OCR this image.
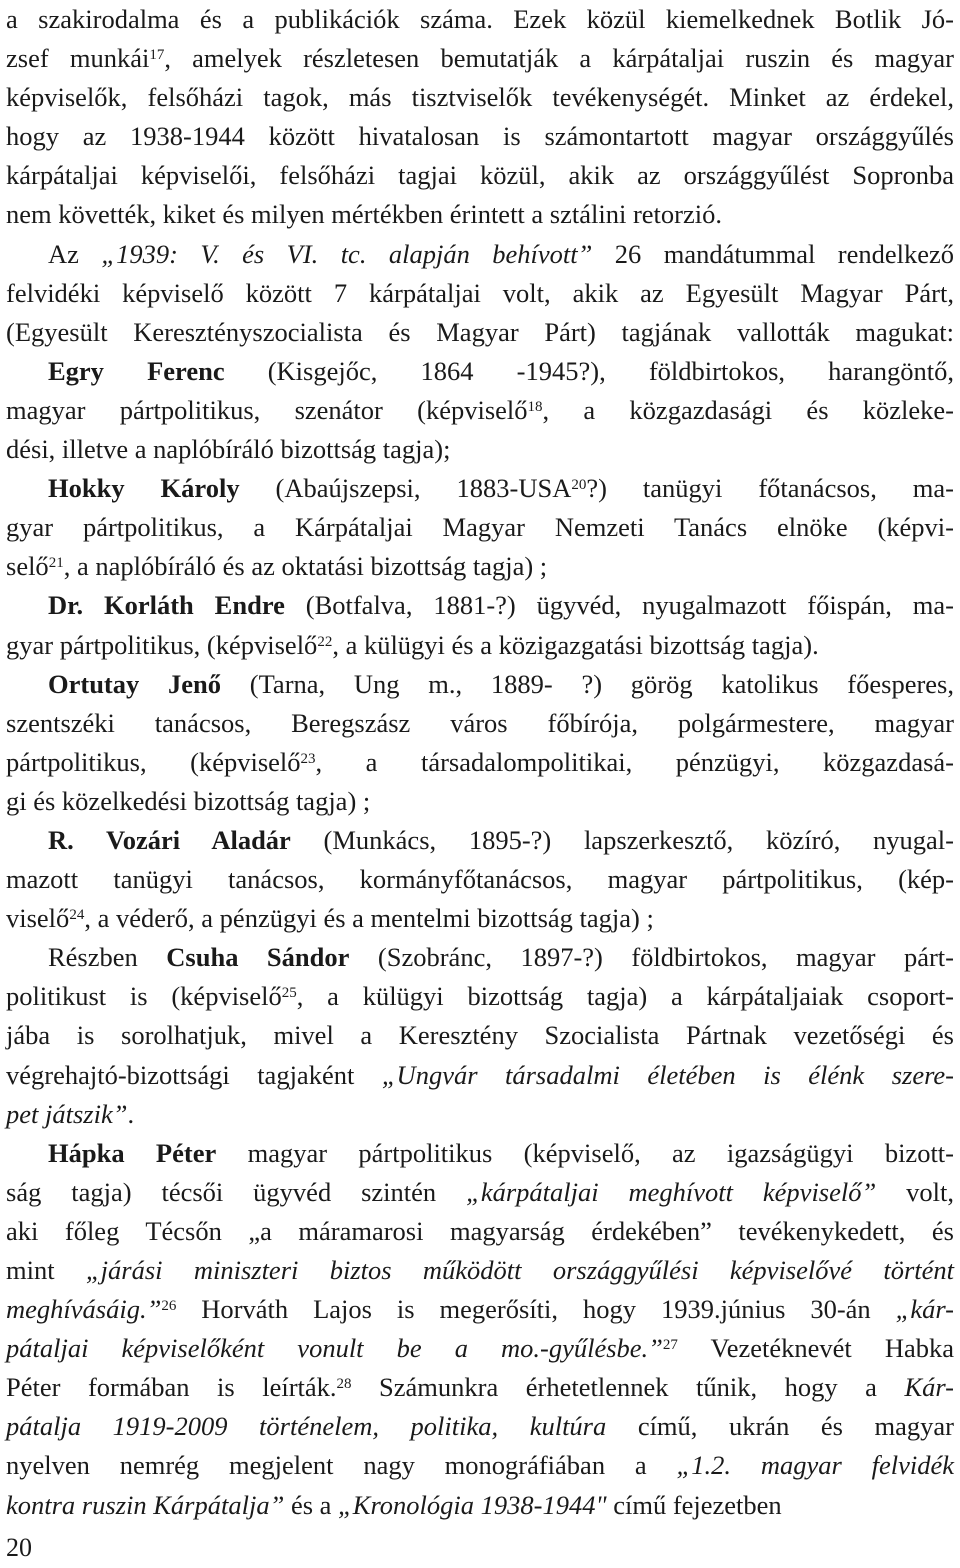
a szakirodalma és a publikációk száma. Ezek közül kiemelkednek Botlik Jó-
zsef munkái$^{17}$, amelyek részletesen bemutatják a kárpátaljai ruszin és magyar
képviselők, felsőházi tagok, más tisztviselők tevékenységét. Minket az érdekel,
hogy az 1938-1944 között hivatalosan is számontartott magyar országgyűlés
kárpátaljai képviselői, felsőházi tagjai közül, akik az országgyűlést Sopronba
nem követték, kiket és milyen mértékben érintett a sztálini retorzió.
Az „1939: V. és VI. tc. alapján behívott” 26 mandátummal rendelkező
felvidéki képviselő között 7 kárpátaljai volt, akik az Egyesült Magyar Párt,
(Egyesült Keresztényszocialista és Magyar Párt) tagjának vallották magukat:
Egry Ferenc (Kisgejőc, 1864 -1945?), földbirtokos, harangöntő,
magyar pártpolitikus, szenátor (képviselő$^{18}$, a közgazdasági és közleke-
dési, illetve a naplóbíráló bizottság tagja);
Hokky Károly (Abaújszepsi, 1883-USA$^{20}$?) tanügyi főtanácsos, ma-
gyar pártpolitikus, a Kárpátaljai Magyar Nemzeti Tanács elnöke (képvi-
selő$^{21}$, a naplóbíráló és az oktatási bizottság tagja) ;
Dr. Korláth Endre (Botfalva, 1881-?) ügyvéd, nyugalmazott főispán, ma-
gyar pártpolitikus, (képviselő$^{22}$, a külügyi és a közigazgatási bizottság tagja).
Ortutay Jenő (Tarna, Ung m., 1889- ?) görög katolikus főesperes,
szentszéki tanácsos, Beregszász város főbírója, polgármestere, magyar
pártpolitikus, (képviselő$^{23}$, a társadalompolitikai, pénzügyi, közgazdasá-
gi és közelkedési bizottság tagja) ;
R. Vozári Aladár (Munkács, 1895-?) lapszerkesztő, közíró, nyugal-
mazott tanügyi tanácsos, kormányfőtanácsos, magyar pártpolitikus, (kép-
viselő$^{24}$, a véderő, a pénzügyi és a mentelmi bizottság tagja) ;
Részben Csuha Sándor (Szobránc, 1897-?) földbirtokos, magyar párt-
politikust is (képviselő$^{25}$, a külügyi bizottság tagja) a kárpátaljaiak csoport-
jába is sorolhatjuk, mivel a Keresztény Szocialista Pártnak vezetőségi és
végrehajtó-bizottsági tagjaként „Ungvár társadalmi életében is élénk szere-
pet játszik”.
Hápka Péter magyar pártpolitikus (képviselő, az igazságügyi bizott-
ság tagja) técsői ügyvéd szintén „kárpátaljai meghívott képviselő” volt,
aki főleg Técsőn „a máramarosi magyarság érdekében” tevékenykedett, és
mint „járási miniszteri biztos működött országgyűlési képviselővé történt
meghívásáig.”$^{26}$ Horváth Lajos is megerősíti, hogy 1939.június 30-án „kár-
pátaljai képviselőként vonult be a mo.-gyűlésbe.”$^{27}$ Vezetéknevét Habka
Péter formában is leírták.$^{28}$ Számunkra érhetetlennek tűnik, hogy a Kár-
pátalja 1919-2009 történelem, politika, kultúra című, ukrán és magyar
nyelven nemrég megjelent nagy monográfiában a „1.2. magyar felvidék
kontra ruszin Kárpátalja” és a „Kronológia 1938-1944" című fejezetben
20
